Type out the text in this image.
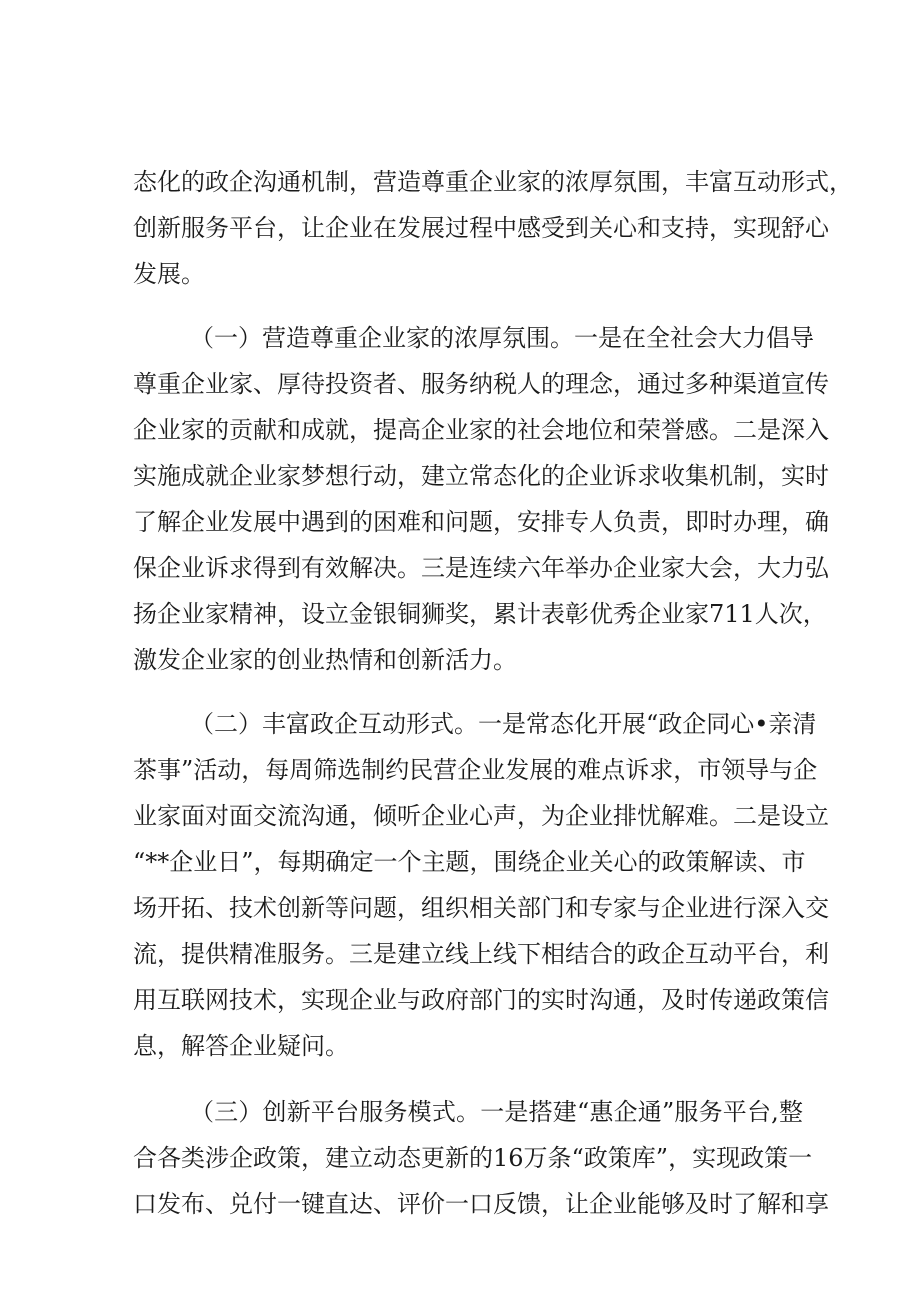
态化的政企沟通机制，营造尊重企业家的浓厚氛围，丰富互动形式，
创新服务平台，让企业在发展过程中感受到关心和支持，实现舒心
发展。
（一）营造尊重企业家的浓厚氛围。一是在全社会大力倡导
尊重企业家、厚待投资者、服务纳税人的理念，通过多种渠道宣传
企业家的贡献和成就，提高企业家的社会地位和荣誉感。二是深入
实施成就企业家梦想行动，建立常态化的企业诉求收集机制，实时
了解企业发展中遇到的困难和问题，安排专人负责，即时办理，确
保企业诉求得到有效解决。三是连续六年举办企业家大会，大力弘
扬企业家精神，设立金银铜狮奖，累计表彰优秀企业家711人次，
激发企业家的创业热情和创新活力。
（二）丰富政企互动形式。一是常态化开展“政企同心•亲清
茶事”活动，每周筛选制约民营企业发展的难点诉求，市领导与企
业家面对面交流沟通，倾听企业心声，为企业排忧解难。二是设立
“**企业日”，每期确定一个主题，围绕企业关心的政策解读、市
场开拓、技术创新等问题，组织相关部门和专家与企业进行深入交
流，提供精准服务。三是建立线上线下相结合的政企互动平台，利
用互联网技术，实现企业与政府部门的实时沟通，及时传递政策信
息，解答企业疑问。
（三）创新平台服务模式。一是搭建“惠企通”服务平台,整
合各类涉企政策，建立动态更新的16万条“政策库”，实现政策一
口发布、兑付一键直达、评价一口反馈，让企业能够及时了解和享
